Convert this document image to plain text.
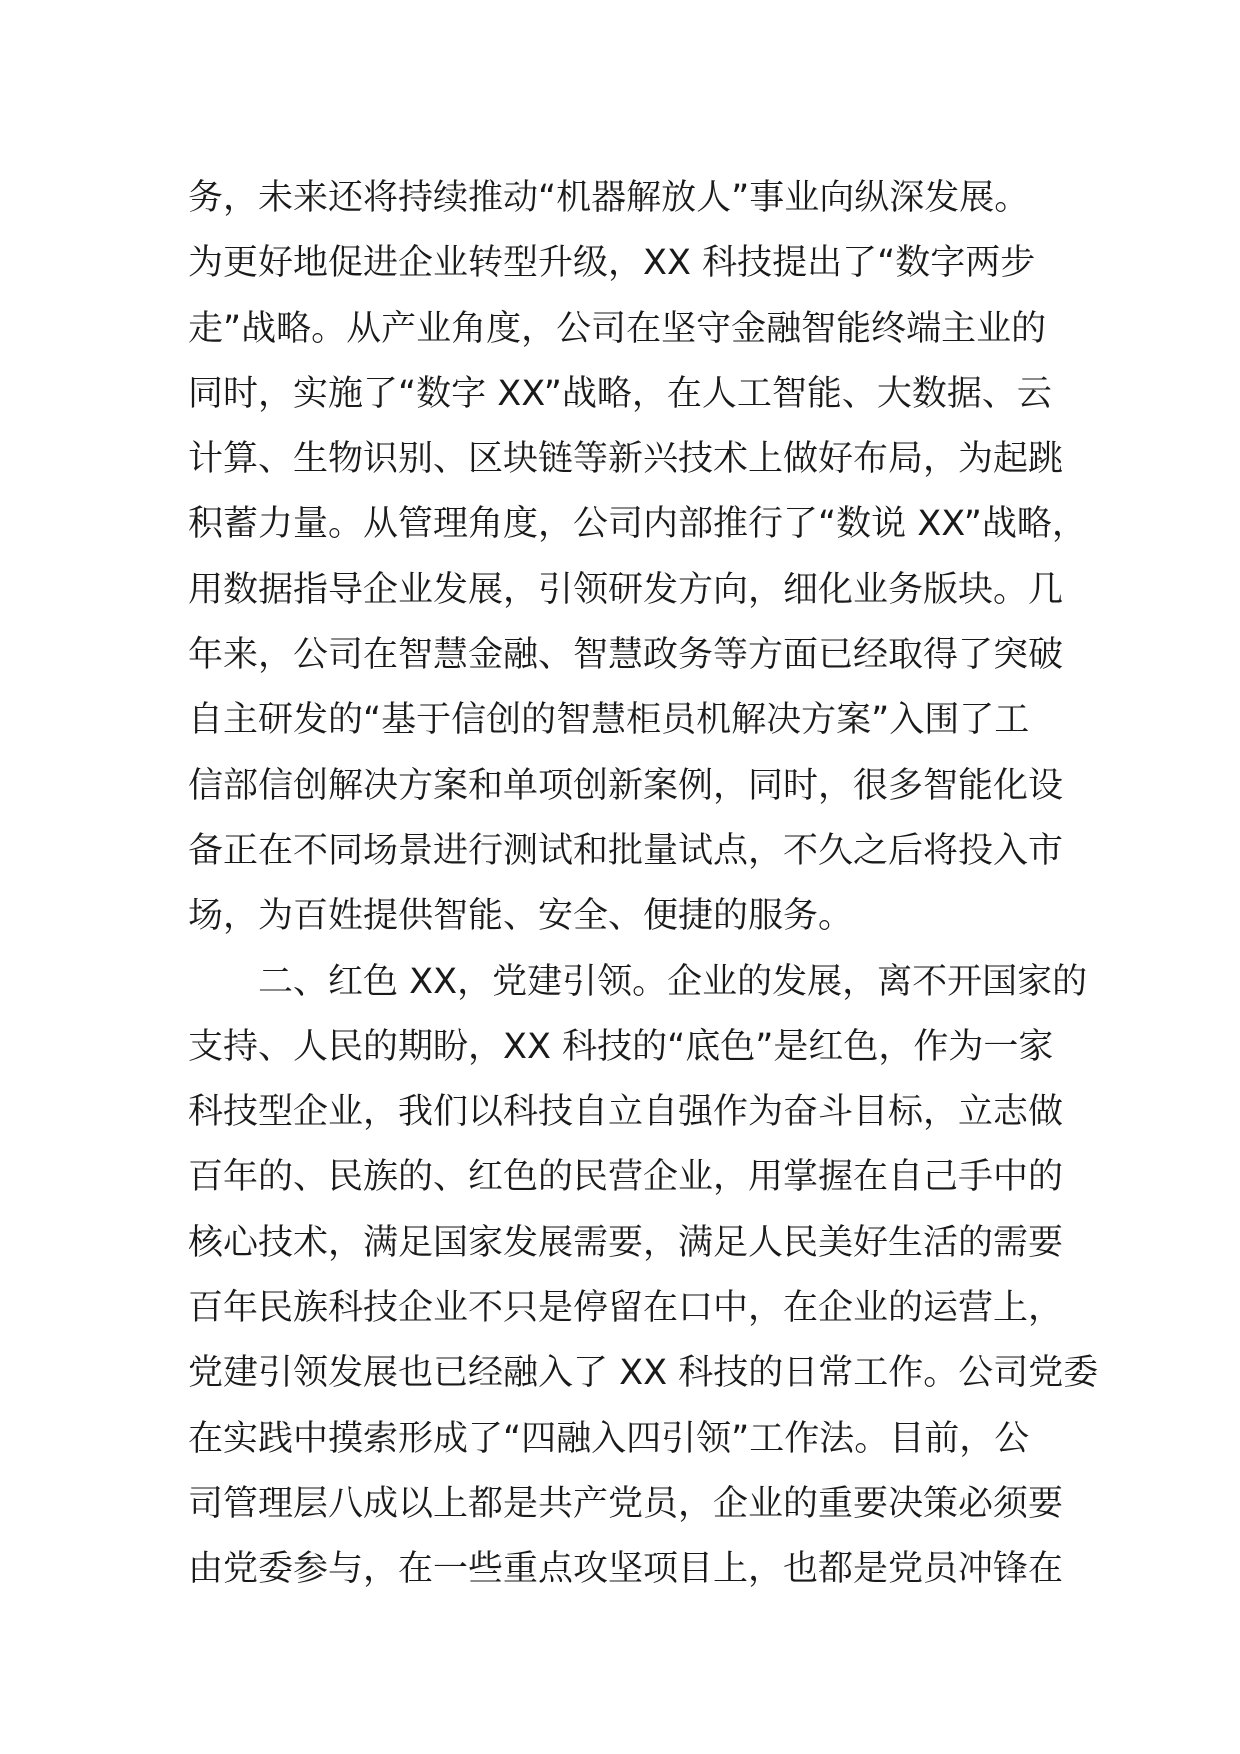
务，未来还将持续推动“机器解放人”事业向纵深发展。
为更好地促进企业转型升级，XX 科技提出了“数字两步
走”战略。从产业角度，公司在坚守金融智能终端主业的
同时，实施了“数字 XX”战略，在人工智能、大数据、云
计算、生物识别、区块链等新兴技术上做好布局，为起跳
积蓄力量。从管理角度，公司内部推行了“数说 XX”战略，
用数据指导企业发展，引领研发方向，细化业务版块。几
年来，公司在智慧金融、智慧政务等方面已经取得了突破
自主研发的“基于信创的智慧柜员机解决方案”入围了工
信部信创解决方案和单项创新案例，同时，很多智能化设
备正在不同场景进行测试和批量试点，不久之后将投入市
场，为百姓提供智能、安全、便捷的服务。
二、红色 XX，党建引领。企业的发展，离不开国家的
支持、人民的期盼，XX 科技的“底色”是红色，作为一家
科技型企业，我们以科技自立自强作为奋斗目标，立志做
百年的、民族的、红色的民营企业，用掌握在自己手中的
核心技术，满足国家发展需要，满足人民美好生活的需要
百年民族科技企业不只是停留在口中，在企业的运营上，
党建引领发展也已经融入了 XX 科技的日常工作。公司党委
在实践中摸索形成了“四融入四引领”工作法。目前，公
司管理层八成以上都是共产党员，企业的重要决策必须要
由党委参与，在一些重点攻坚项目上，也都是党员冲锋在
